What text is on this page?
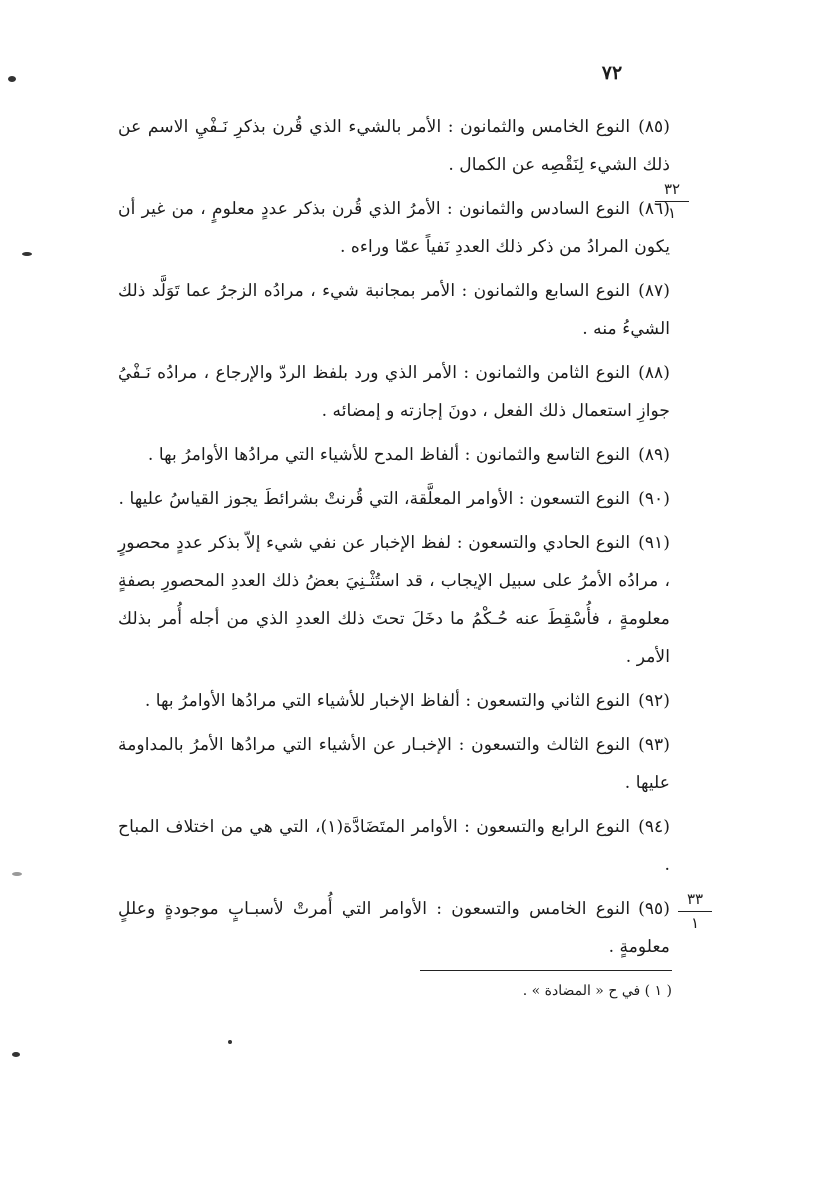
٧٢
٣٢
١
٣٣
١

(٨٥)النوع الخامس والثمانون : الأمر بالشيء الذي قُرن بذكرِ نَـفْيِ الاسم عن ذلك الشيء لِنَقْصِه عن الكمال .

(٨٦)النوع السادس والثمانون : الأمرُ الذي قُرن بذكر عددٍ معلومٍ ، من غير أن يكون المرادُ من ذكر ذلك العددِ نَفياً عمّا وراءه .

(٨٧)النوع السابع والثمانون : الأمر بمجانبة شيء ، مرادُه الزجرُ عما تَوَلَّد ذلك الشيءُ منه .

(٨٨)النوع الثامن والثمانون : الأمر الذي ورد بلفظ الردّ والإرجاع ، مرادُه نَـفْيُ جوازِ استعمال ذلك الفعل ، دونَ إجازته و إمضائه .

(٨٩)النوع التاسع والثمانون : ألفاظ المدح للأشياء التي مرادُها الأوامرُ بها .

(٩٠)النوع التسعون : الأوامر المعلَّقة، التي قُرنتْ بشرائطَ يجوز القياسُ عليها .

(٩١)النوع الحادي والتسعون : لفظ الإخبار عن نفي شيء إلاّ بذكر عددٍ محصورٍ ، مرادُه الأمرُ على سبيل الإيجاب ، قد استُثْـنِيَ بعضُ ذلك العددِ المحصورِ بصفةٍ معلومةٍ ، فأُسْقِطَ عنه حُـكْمُ ما دخَلَ تحتَ ذلك العددِ الذي من أجله أُمر بذلك الأمر .

(٩٢)النوع الثاني والتسعون : ألفاظ الإخبار للأشياء التي مرادُها الأوامرُ بها .

(٩٣)النوع الثالث والتسعون : الإخبـار عن الأشياء التي مرادُها الأمرُ بالمداومة عليها .

(٩٤)النوع الرابع والتسعون : الأوامر المتَضَادَّة(١)، التي هي من اختلاف المباح .

(٩٥)النوع الخامس والتسعون : الأوامر التي أُمرتْ لأسبـابٍ موجودةٍ وعللٍ معلومةٍ .

( ١ ) في ح « المضادة » .
